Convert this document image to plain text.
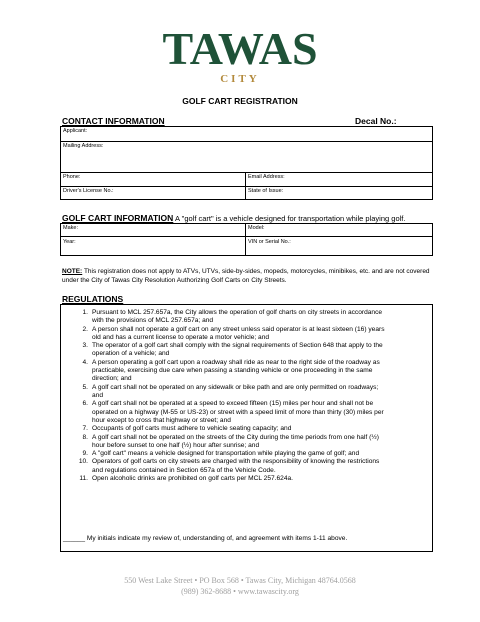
TAWAS
CITY
GOLF CART REGISTRATION
CONTACT INFORMATION	Decal No.:
Applicant:
Mailing Address:
Phone:	Email Address:
Driver's License No.:	State of Issue:
GOLF CART INFORMATION A "golf cart" is a vehicle designed for transportation while playing golf.
Make:	Model:
Year:	VIN or Serial No.:
NOTE: This registration does not apply to ATVs, UTVs, side-by-sides, mopeds, motorcycles, minibikes, etc. and are not covered under the City of Tawas City Resolution Authorizing Golf Carts on City Streets.
REGULATIONS
______ My initials indicate my review of, understanding of, and agreement with items 1-11 above.
1. Pursuant to MCL 257.657a, the City allows the operation of golf charts on city streets in accordance
with the provisions of MCL 257.657a; and
2. A person shall not operate a golf cart on any street unless said operator is at least sixteen (16) years
old and has a current license to operate a motor vehicle; and
3. The operator of a golf cart shall comply with the signal requirements of Section 648 that apply to the
operation of a vehicle; and
4. A person operating a golf cart upon a roadway shall ride as near to the right side of the roadway as
practicable, exercising due care when passing a standing vehicle or one proceeding in the same
direction; and
5. A golf cart shall not be operated on any sidewalk or bike path and are only permitted on roadways;
and
6. A golf cart shall not be operated at a speed to exceed fifteen (15) miles per hour and shall not be
operated on a highway (M-55 or US-23) or street with a speed limit of more than thirty (30) miles per
hour except to cross that highway or street; and
7. Occupants of golf carts must adhere to vehicle seating capacity; and
8. A golf cart shall not be operated on the streets of the City during the time periods from one half (½)
hour before sunset to one half (½) hour after sunrise; and
9. A "golf cart" means a vehicle designed for transportation while playing the game of golf; and
10. Operators of golf carts on city streets are charged with the responsibility of knowing the restrictions
and regulations contained in Section 657a of the Vehicle Code.
11. Open alcoholic drinks are prohibited on golf carts per MCL 257.624a.
550 West Lake Street • PO Box 568 • Tawas City, Michigan 48764.0568
(989) 362-8688 • www.tawascity.org
